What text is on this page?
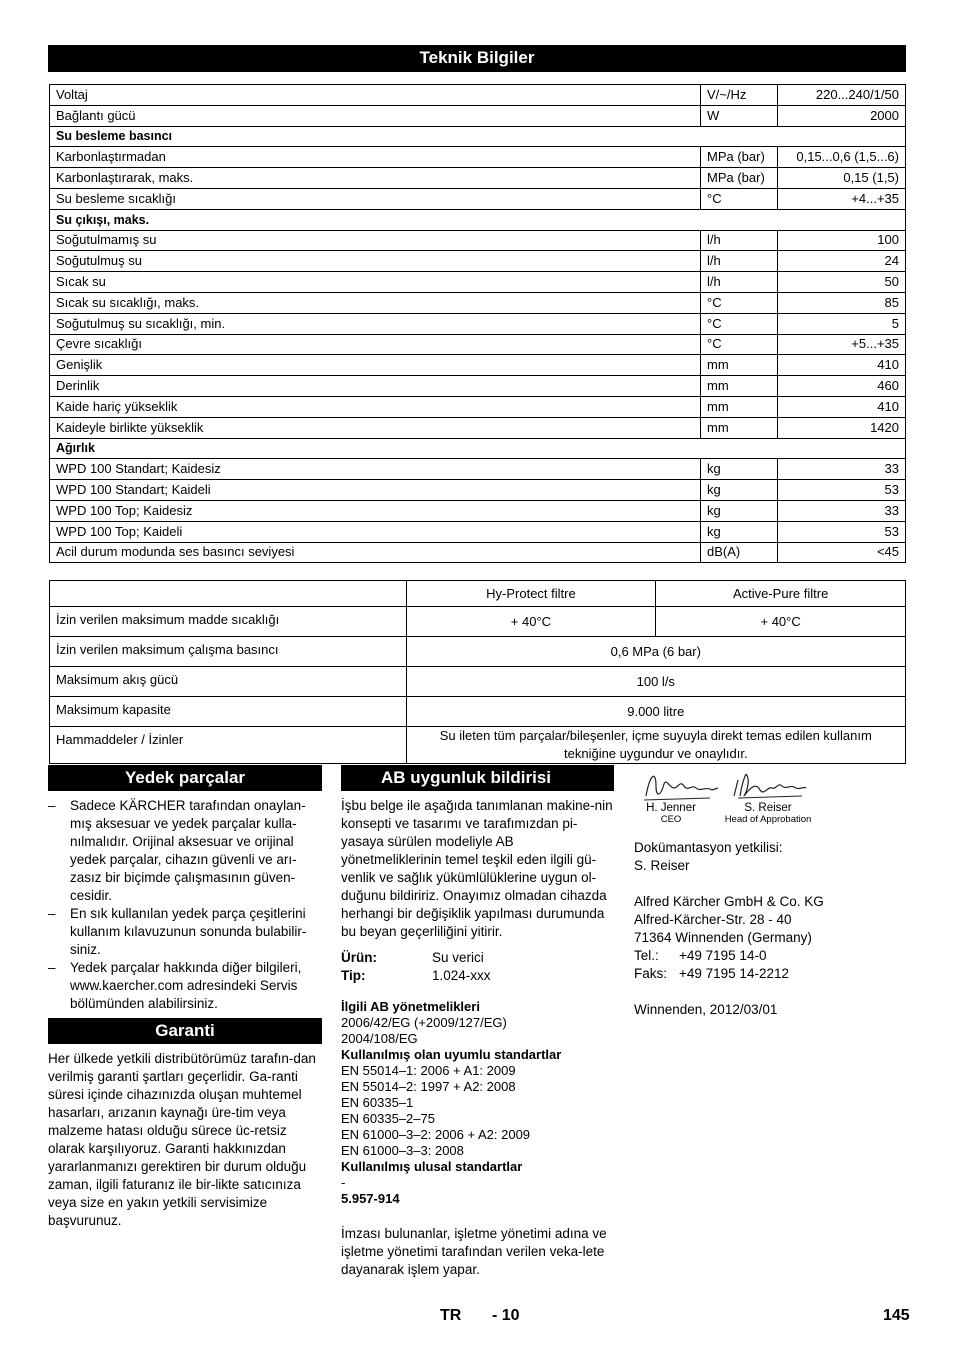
Teknik Bilgiler
Voltaj	V/~/Hz	220...240/1/50
Bağlantı gücü	W	2000
Su besleme basıncı		
Karbonlaştırmadan	MPa (bar)	0,15...0,6 (1,5...6)
Karbonlaştırarak, maks.	MPa (bar)	0,15 (1,5)
Su besleme sıcaklığı	°C	+4...+35
Su çıkışı, maks.		
Soğutulmamış su	l/h	100
Soğutulmuş su	l/h	24
Sıcak su	l/h	50
Sıcak su sıcaklığı, maks.	°C	85
Soğutulmuş su sıcaklığı, min.	°C	5
Çevre sıcaklığı	°C	+5...+35
Genişlik	mm	410
Derinlik	mm	460
Kaide hariç yükseklik	mm	410
Kaideyle birlikte yükseklik	mm	1420
Ağırlık		
WPD 100 Standart; Kaidesiz	kg	33
WPD 100 Standart; Kaideli	kg	53
WPD 100 Top; Kaidesiz	kg	33
WPD 100 Top; Kaideli	kg	53
Acil durum modunda ses basıncı seviyesi	dB(A)	<45
	Hy-Protect filtre	Active-Pure filtre
İzin verilen maksimum madde sıcaklığı	+ 40°C	+ 40°C
İzin verilen maksimum çalışma basıncı	0,6 MPa (6 bar)	
Maksimum akış gücü	100 l/s	
Maksimum kapasite	9.000 litre	
Hammaddeler / İzinler	Su ileten tüm parçalar/bileşenler, içme suyuyla direkt temas edilen kullanım tekniğine uygundur ve onaylıdır.	
Yedek parçalar
– Sadece KÄRCHER tarafından onaylan-mış aksesuar ve yedek parçalar kulla-nılmalıdır. Orijinal aksesuar ve orijinal yedek parçalar, cihazın güvenli ve arı-zasız bir biçimde çalışmasının güven-cesidir.
– En sık kullanılan yedek parça çeşitlerini kullanım kılavuzunun sonunda bulabilir-siniz.
– Yedek parçalar hakkında diğer bilgileri, www.kaercher.com adresindeki Servis bölümünden alabilirsiniz.
Garanti

Her ülkede yetkili distribütörümüz tarafın-dan verilmiş garanti şartları geçerlidir. Ga-ranti süresi içinde cihazınızda oluşan muhtemel hasarları, arızanın kaynağı üre-tim veya malzeme hatası olduğu sürece üc-retsiz olarak karşılıyoruz. Garanti hakkınızdan yararlanmanızı gerektiren bir durum olduğu zaman, ilgili faturanız ile bir-likte satıcınıza veya size en yakın yetkili servisimize başvurunuz.

AB uygunluk bildirisi

İşbu belge ile aşağıda tanımlanan makine-nin konsepti ve tasarımı ve tarafımızdan pi-yasaya sürülen modeliyle AB yönetmeliklerinin temel teşkil eden ilgili gü-venlik ve sağlık yükümlülüklerine uygun ol-duğunu bildiririz. Onayımız olmadan cihazda herhangi bir değişiklik yapılması durumunda bu beyan geçerliliğini yitirir.

Ürün:	Su verici
Tip:	1.024-xxx
İlgili AB yönetmelikleri
2006/42/EG (+2009/127/EG)
2004/108/EG
Kullanılmış olan uyumlu standartlar
EN 55014–1: 2006 + A1: 2009
EN 55014–2: 1997 + A2: 2008
EN 60335–1
EN 60335–2–75
EN 61000–3–2: 2006 + A2: 2009
EN 61000–3–3: 2008
Kullanılmış ulusal standartlar
-
5.957-914

İmzası bulunanlar, işletme yönetimi adına ve işletme yönetimi tarafından verilen veka-lete dayanarak işlem yapar.

H. Jenner
CEO
S. Reiser
Head of Approbation
Dokümantasyon yetkilisi:
S. Reiser
Alfred Kärcher GmbH & Co. KG
Alfred-Kärcher-Str. 28 - 40
71364 Winnenden (Germany)
Tel.:	+49 7195 14-0
Faks: +49 7195 14-2212
Winnenden, 2012/03/01
TR - 10	145
